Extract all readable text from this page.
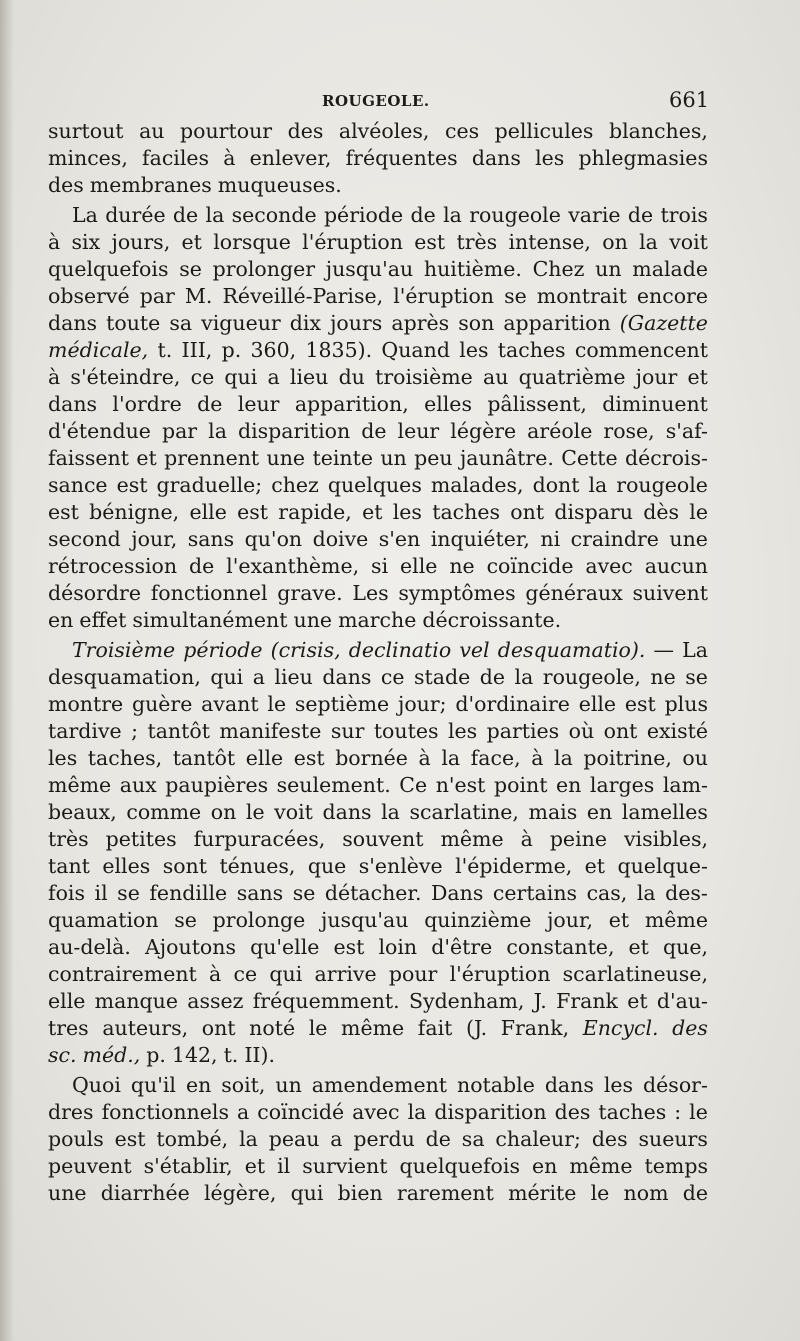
ROUGEOLE.	661
surtout au pourtour des alvéoles, ces pellicules blanches,
minces, faciles à enlever, fréquentes dans les phlegmasies
des membranes muqueuses.
La durée de la seconde période de la rougeole varie de trois
à six jours, et lorsque l'éruption est très intense, on la voit
quelquefois se prolonger jusqu'au huitième. Chez un malade
observé par M. Réveillé-Parise, l'éruption se montrait encore
dans toute sa vigueur dix jours après son apparition (Gazette
médicale, t. III, p. 360, 1835). Quand les taches commencent
à s'éteindre, ce qui a lieu du troisième au quatrième jour et
dans l'ordre de leur apparition, elles pâlissent, diminuent
d'étendue par la disparition de leur légère aréole rose, s'af-
faissent et prennent une teinte un peu jaunâtre. Cette décrois-
sance est graduelle; chez quelques malades, dont la rougeole
est bénigne, elle est rapide, et les taches ont disparu dès le
second jour, sans qu'on doive s'en inquiéter, ni craindre une
rétrocession de l'exanthème, si elle ne coïncide avec aucun
désordre fonctionnel grave. Les symptômes généraux suivent
en effet simultanément une marche décroissante.
Troisième période (crisis, declinatio vel desquamatio). — La
desquamation, qui a lieu dans ce stade de la rougeole, ne se
montre guère avant le septième jour; d'ordinaire elle est plus
tardive ; tantôt manifeste sur toutes les parties où ont existé
les taches, tantôt elle est bornée à la face, à la poitrine, ou
même aux paupières seulement. Ce n'est point en larges lam-
beaux, comme on le voit dans la scarlatine, mais en lamelles
très petites furpuracées, souvent même à peine visibles,
tant elles sont ténues, que s'enlève l'épiderme, et quelque-
fois il se fendille sans se détacher. Dans certains cas, la des-
quamation se prolonge jusqu'au quinzième jour, et même
au-delà. Ajoutons qu'elle est loin d'être constante, et que,
contrairement à ce qui arrive pour l'éruption scarlatineuse,
elle manque assez fréquemment. Sydenham, J. Frank et d'au-
tres auteurs, ont noté le même fait (J. Frank, Encycl. des
sc. méd., p. 142, t. II).
Quoi qu'il en soit, un amendement notable dans les désor-
dres fonctionnels a coïncidé avec la disparition des taches : le
pouls est tombé, la peau a perdu de sa chaleur; des sueurs
peuvent s'établir, et il survient quelquefois en même temps
une diarrhée légère, qui bien rarement mérite le nom de
